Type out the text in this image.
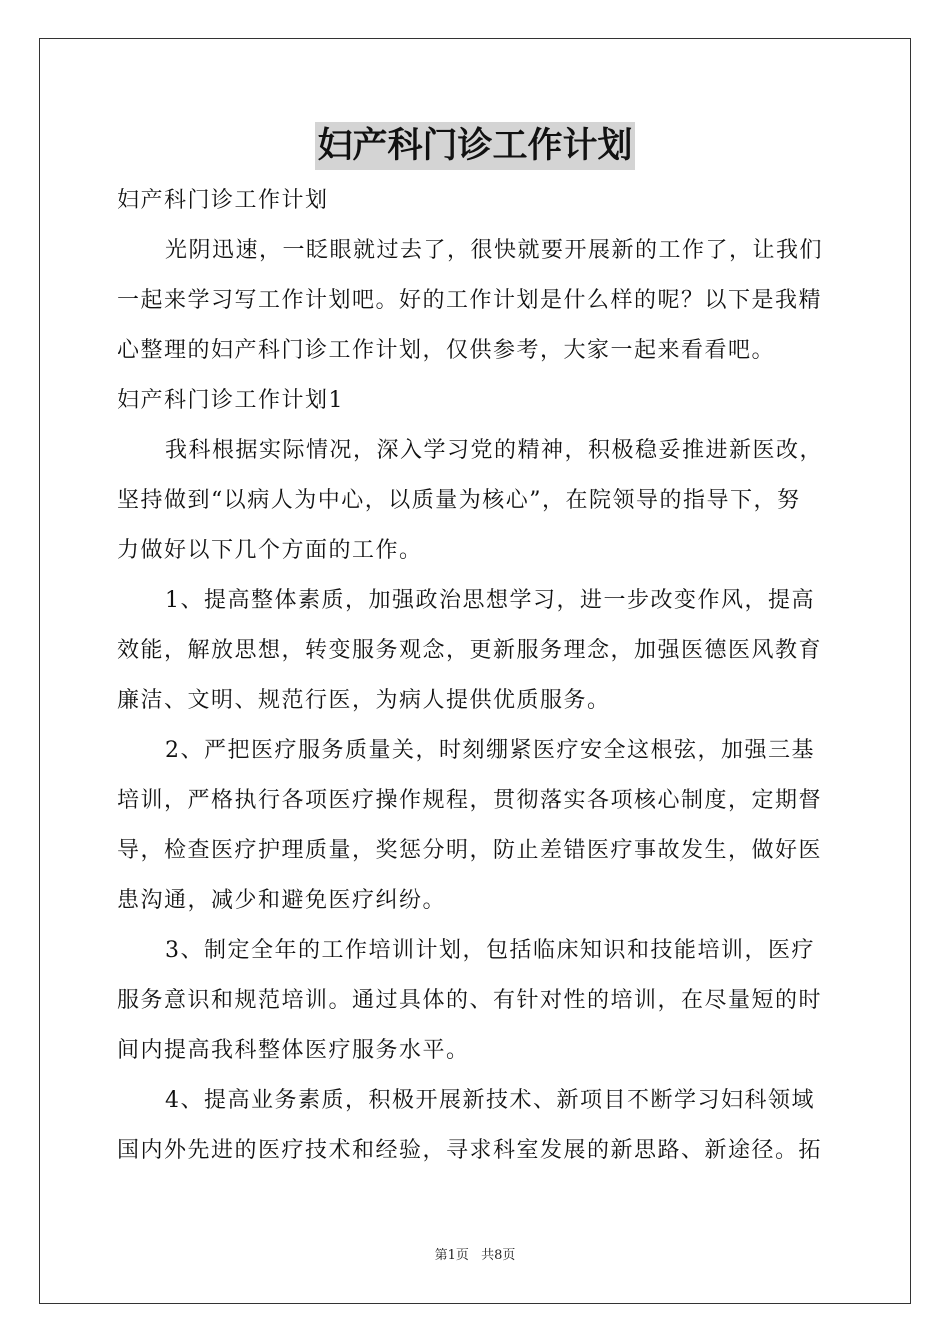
妇产科门诊工作计划
妇产科门诊工作计划
光阴迅速，一眨眼就过去了，很快就要开展新的工作了，让我们
一起来学习写工作计划吧。好的工作计划是什么样的呢？以下是我精
心整理的妇产科门诊工作计划，仅供参考，大家一起来看看吧。
妇产科门诊工作计划1
我科根据实际情况，深入学习党的精神，积极稳妥推进新医改，
坚持做到“以病人为中心，以质量为核心”，在院领导的指导下，努
力做好以下几个方面的工作。
1、提高整体素质，加强政治思想学习，进一步改变作风，提高
效能，解放思想，转变服务观念，更新服务理念，加强医德医风教育
廉洁、文明、规范行医，为病人提供优质服务。
2、严把医疗服务质量关，时刻绷紧医疗安全这根弦，加强三基
培训，严格执行各项医疗操作规程，贯彻落实各项核心制度，定期督
导，检查医疗护理质量，奖惩分明，防止差错医疗事故发生，做好医
患沟通，减少和避免医疗纠纷。
3、制定全年的工作培训计划，包括临床知识和技能培训，医疗
服务意识和规范培训。通过具体的、有针对性的培训，在尽量短的时
间内提高我科整体医疗服务水平。
4、提高业务素质，积极开展新技术、新项目不断学习妇科领域
国内外先进的医疗技术和经验，寻求科室发展的新思路、新途径。拓
第1页 共8页
